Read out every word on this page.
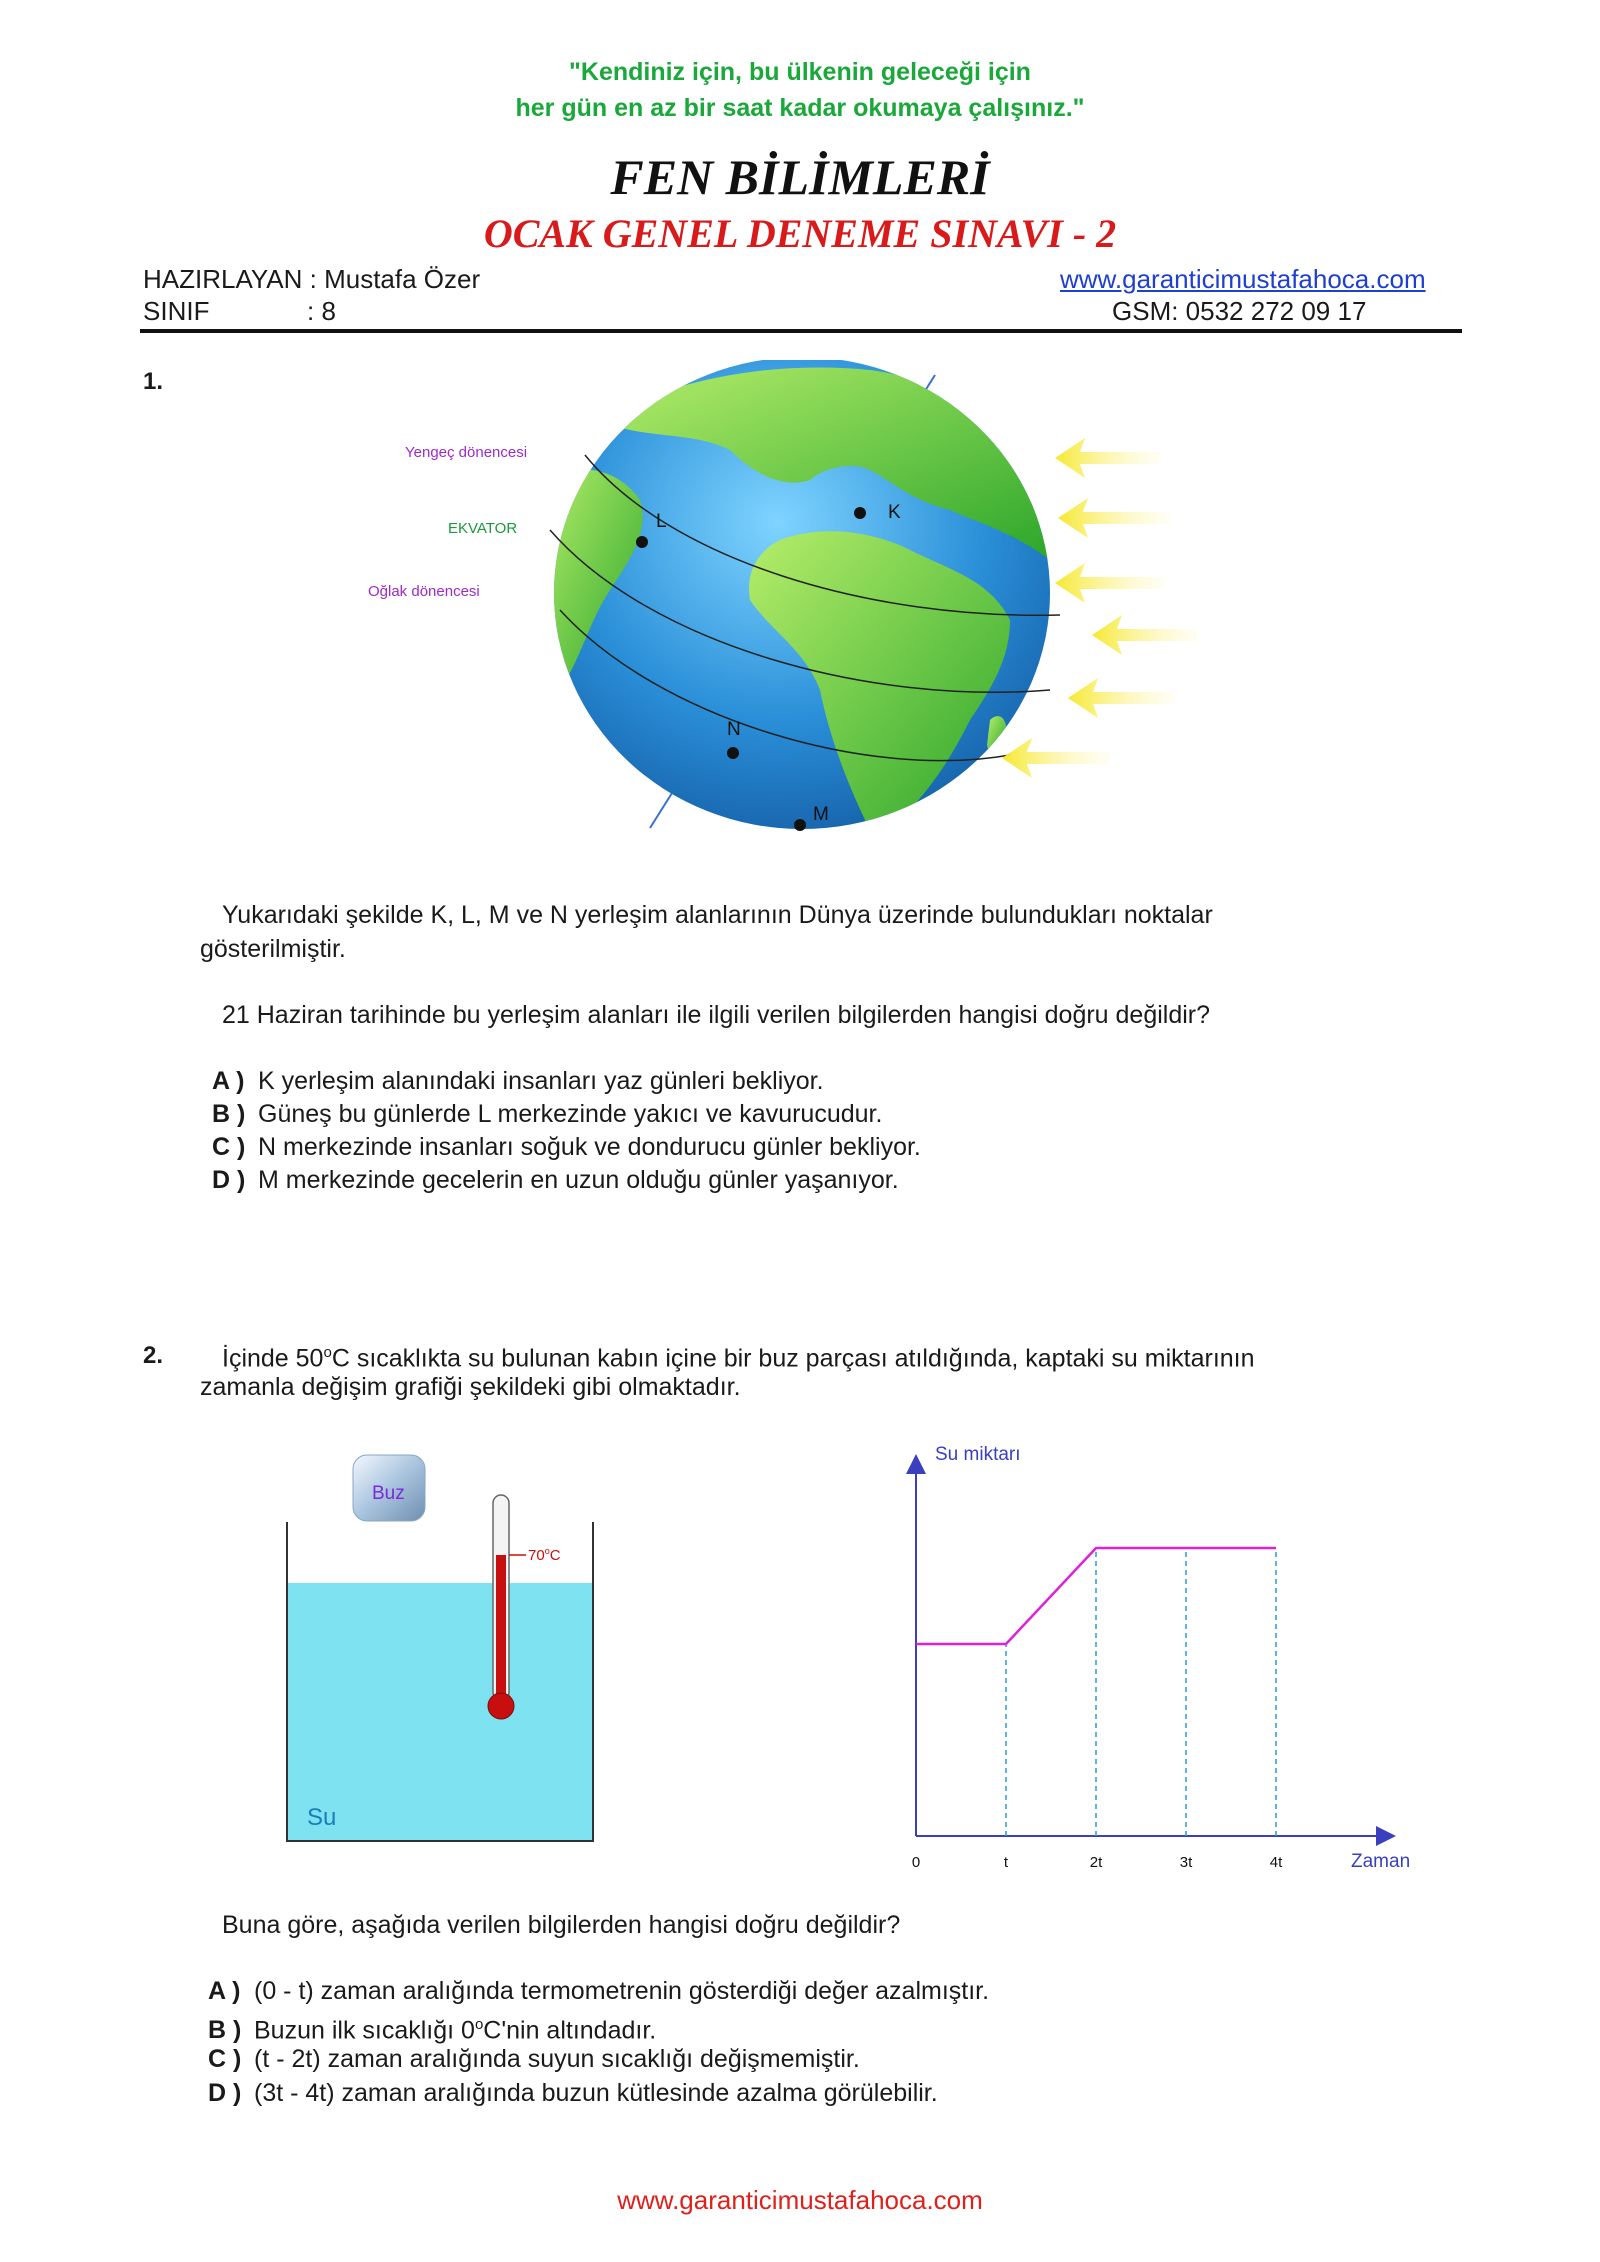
"Kendiniz için, bu ülkenin geleceği için
her gün en az bir saat kadar okumaya çalışınız."
FEN BİLİMLERİ
OCAK GENEL DENEME SINAVI - 2
HAZIRLAYAN : Mustafa Özer
SINIF	: 8
www.garanticimustafahoca.com
GSM: 0532 272 09 17
1.
Yengeç dönencesi
EKVATOR
Oğlak dönencesi
K
L
N
M
Yukarıdaki şekilde K, L, M ve N yerleşim alanlarının Dünya üzerinde bulundukları noktalar
gösterilmiştir.
21 Haziran tarihinde bu yerleşim alanları ile ilgili verilen bilgilerden hangisi doğru değildir?
A ) K yerleşim alanındaki insanları yaz günleri bekliyor.
B ) Güneş bu günlerde L merkezinde yakıcı ve kavurucudur.
C ) N merkezinde insanları soğuk ve dondurucu günler bekliyor.
D ) M merkezinde gecelerin en uzun olduğu günler yaşanıyor.
2. İçinde 50$^o$C sıcaklıkta su bulunan kabın içine bir buz parçası atıldığında, kaptaki su miktarının
zamanla değişim grafiği şekildeki gibi olmaktadır.
Buz
Su
70$^o$C
Su miktarı
Zaman
0	t	2t	3t	4t
Buna göre, aşağıda verilen bilgilerden hangisi doğru değildir?
A ) (0 - t) zaman aralığında termometrenin gösterdiği değer azalmıştır.
B ) Buzun ilk sıcaklığı 0$^o$C'nin altındadır.
C ) (t - 2t) zaman aralığında suyun sıcaklığı değişmemiştir.
D ) (3t - 4t) zaman aralığında buzun kütlesinde azalma görülebilir.
www.garanticimustafahoca.com
